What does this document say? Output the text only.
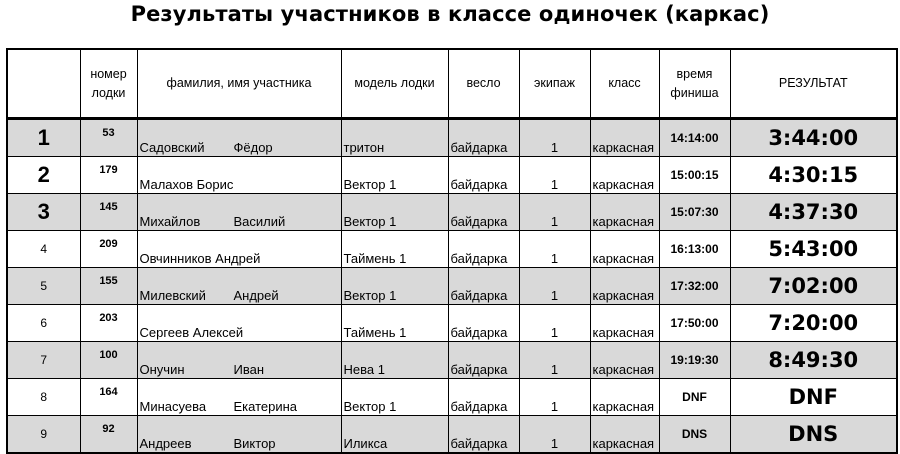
Результаты участников в классе одиночек (каркас)
	номер
лодки	фамилия, имя участника	модель лодки	весло	экипаж	класс	время
финиша	РЕЗУЛЬТАТ
1	53	Садовский Фёдор	тритон	байдарка	1	каркасная	14:14:00	3:44:00
2	179	Малахов Борис	Вектор 1	байдарка	1	каркасная	15:00:15	4:30:15
3	145	Михайлов Василий	Вектор 1	байдарка	1	каркасная	15:07:30	4:37:30
4	209	Овчинников Андрей	Таймень 1	байдарка	1	каркасная	16:13:00	5:43:00
5	155	Милевский Андрей	Вектор 1	байдарка	1	каркасная	17:32:00	7:02:00
6	203	Сергеев Алексей	Таймень 1	байдарка	1	каркасная	17:50:00	7:20:00
7	100	Онучин Иван	Нева 1	байдарка	1	каркасная	19:19:30	8:49:30
8	164	Минасуева Екатерина	Вектор 1	байдарка	1	каркасная	DNF	DNF
9	92	Андреев Виктор	Иликса	байдарка	1	каркасная	DNS	DNS
